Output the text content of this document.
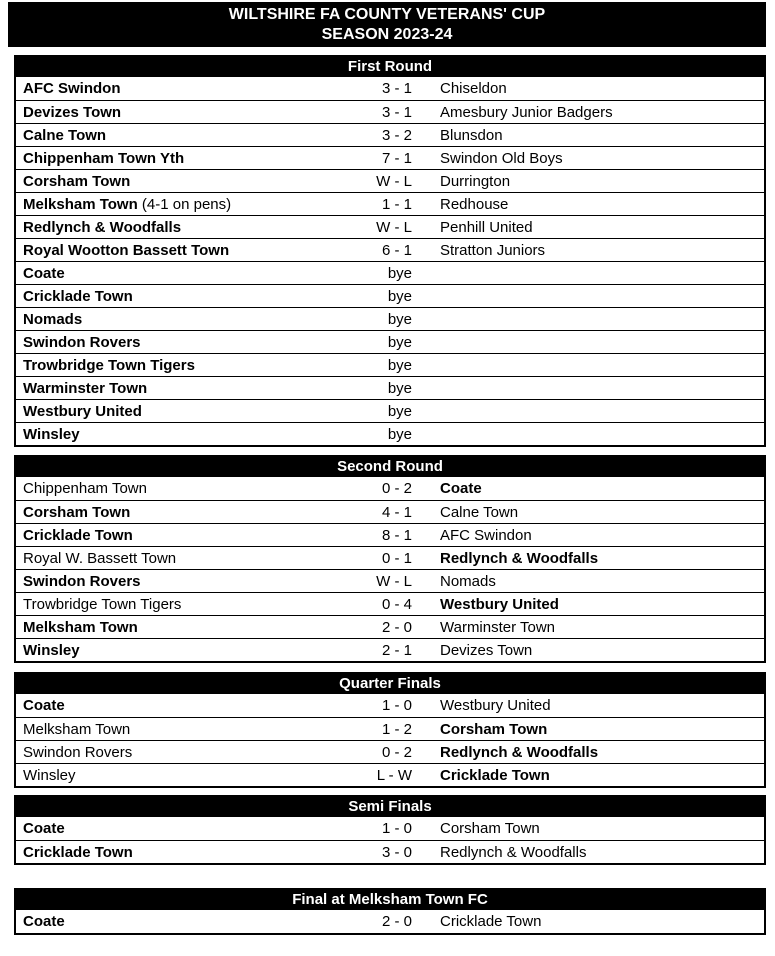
WILTSHIRE FA COUNTY VETERANS' CUP
SEASON 2023-24
First Round
AFC Swindon	3 - 1 Chiseldon
Devizes Town	3 - 1 Amesbury Junior Badgers
Calne Town	3 - 2 Blunsdon
Chippenham Town Yth	7 - 1 Swindon Old Boys
Corsham Town	W - L Durrington
Melksham Town (4-1 on pens)	1 - 1 Redhouse
Redlynch & Woodfalls	W - L Penhill United
Royal Wootton Bassett Town	6 - 1 Stratton Juniors
Coate	bye
Cricklade Town	bye
Nomads	bye
Swindon Rovers	bye
Trowbridge Town Tigers	bye
Warminster Town	bye
Westbury United	bye
Winsley	bye
Second Round
Chippenham Town	0 - 2 Coate
Corsham Town	4 - 1 Calne Town
Cricklade Town	8 - 1 AFC Swindon
Royal W. Bassett Town	0 - 1 Redlynch & Woodfalls
Swindon Rovers	W - L Nomads
Trowbridge Town Tigers	0 - 4 Westbury United
Melksham Town	2 - 0 Warminster Town
Winsley	2 - 1 Devizes Town
Quarter Finals
Coate	1 - 0 Westbury United
Melksham Town	1 - 2 Corsham Town
Swindon Rovers	0 - 2 Redlynch & Woodfalls
Winsley	L - W Cricklade Town
Semi Finals
Coate	1 - 0 Corsham Town
Cricklade Town	3 - 0 Redlynch & Woodfalls
Final at Melksham Town FC
Coate	2 - 0 Cricklade Town
